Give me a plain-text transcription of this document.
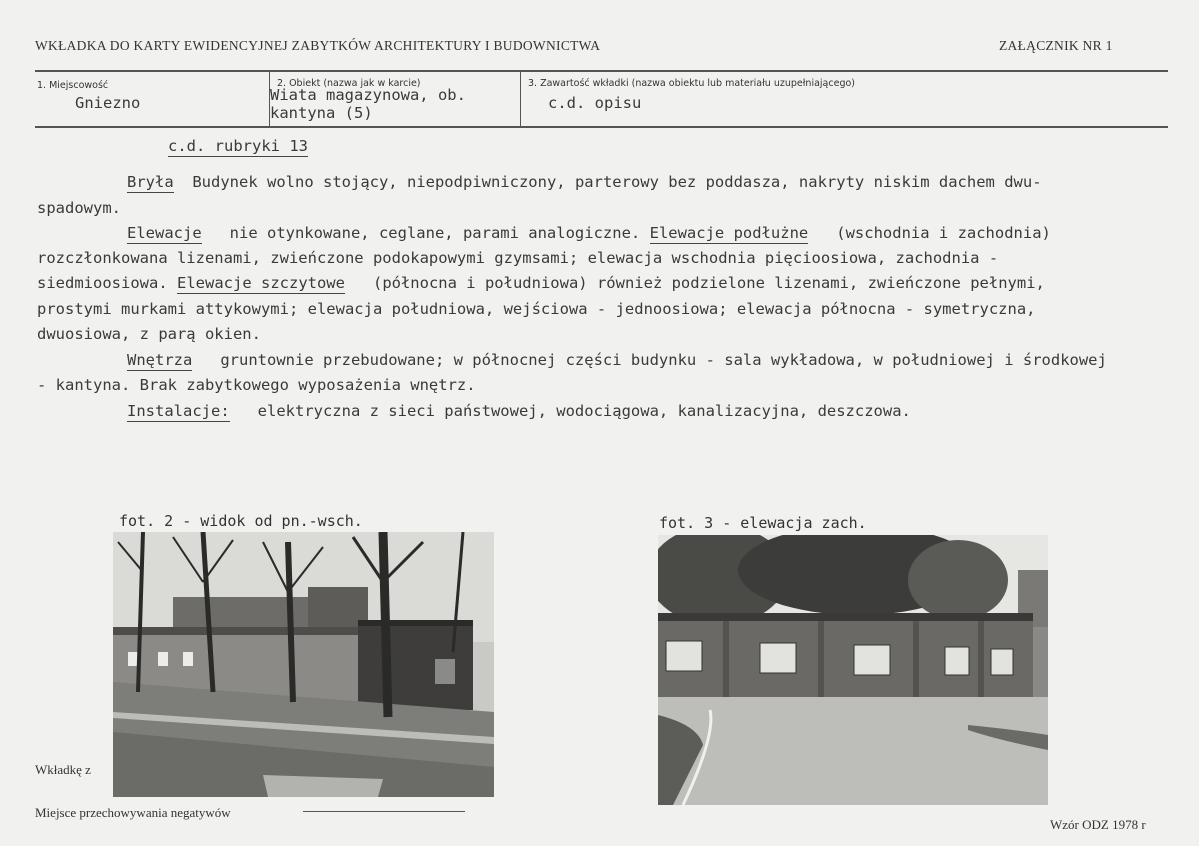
WKŁADKA DO KARTY EWIDENCYJNEJ ZABYTKÓW ARCHITEKTURY I BUDOWNICTWA	ZAŁĄCZNIK NR 1
1. Miejscowość
Gniezno
2. Obiekt (nazwa jak w karcie)
Wiata magazynowa, ob.
kantyna (5)
3. Zawartość wkładki (nazwa obiektu lub materiału uzupełniającego)
c.d. opisu
c.d. rubryki 13
Bryła Budynek wolno stojący, niepodpiwniczony, parterowy bez poddasza, nakryty niskim dachem dwu-
spadowym.
Elewacje nie otynkowane, ceglane, parami analogiczne. Elewacje podłużne (wschodnia i zachodnia)
rozczłonkowana lizenami, zwieńczone podokapowymi gzymsami; elewacja wschodnia pięcioosiowa, zachodnia -
siedmioosiowa. Elewacje szczytowe (północna i południowa) również podzielone lizenami, zwieńczone pełnymi,
prostymi murkami attykowymi; elewacja południowa, wejściowa - jednoosiowa; elewacja północna - symetryczna,
dwuosiowa, z parą okien.
Wnętrza gruntownie przebudowane; w północnej części budynku - sala wykładowa, w południowej i środkowej
- kantyna. Brak zabytkowego wyposażenia wnętrz.
Instalacje: elektryczna z sieci państwowej, wodociągowa, kanalizacyjna, deszczowa.
fot. 2 - widok od pn.-wsch.	fot. 3 - elewacja zach.
Wkładkę z
Miejsce przechowywania negatywów
Wzór ODZ 1978 r
